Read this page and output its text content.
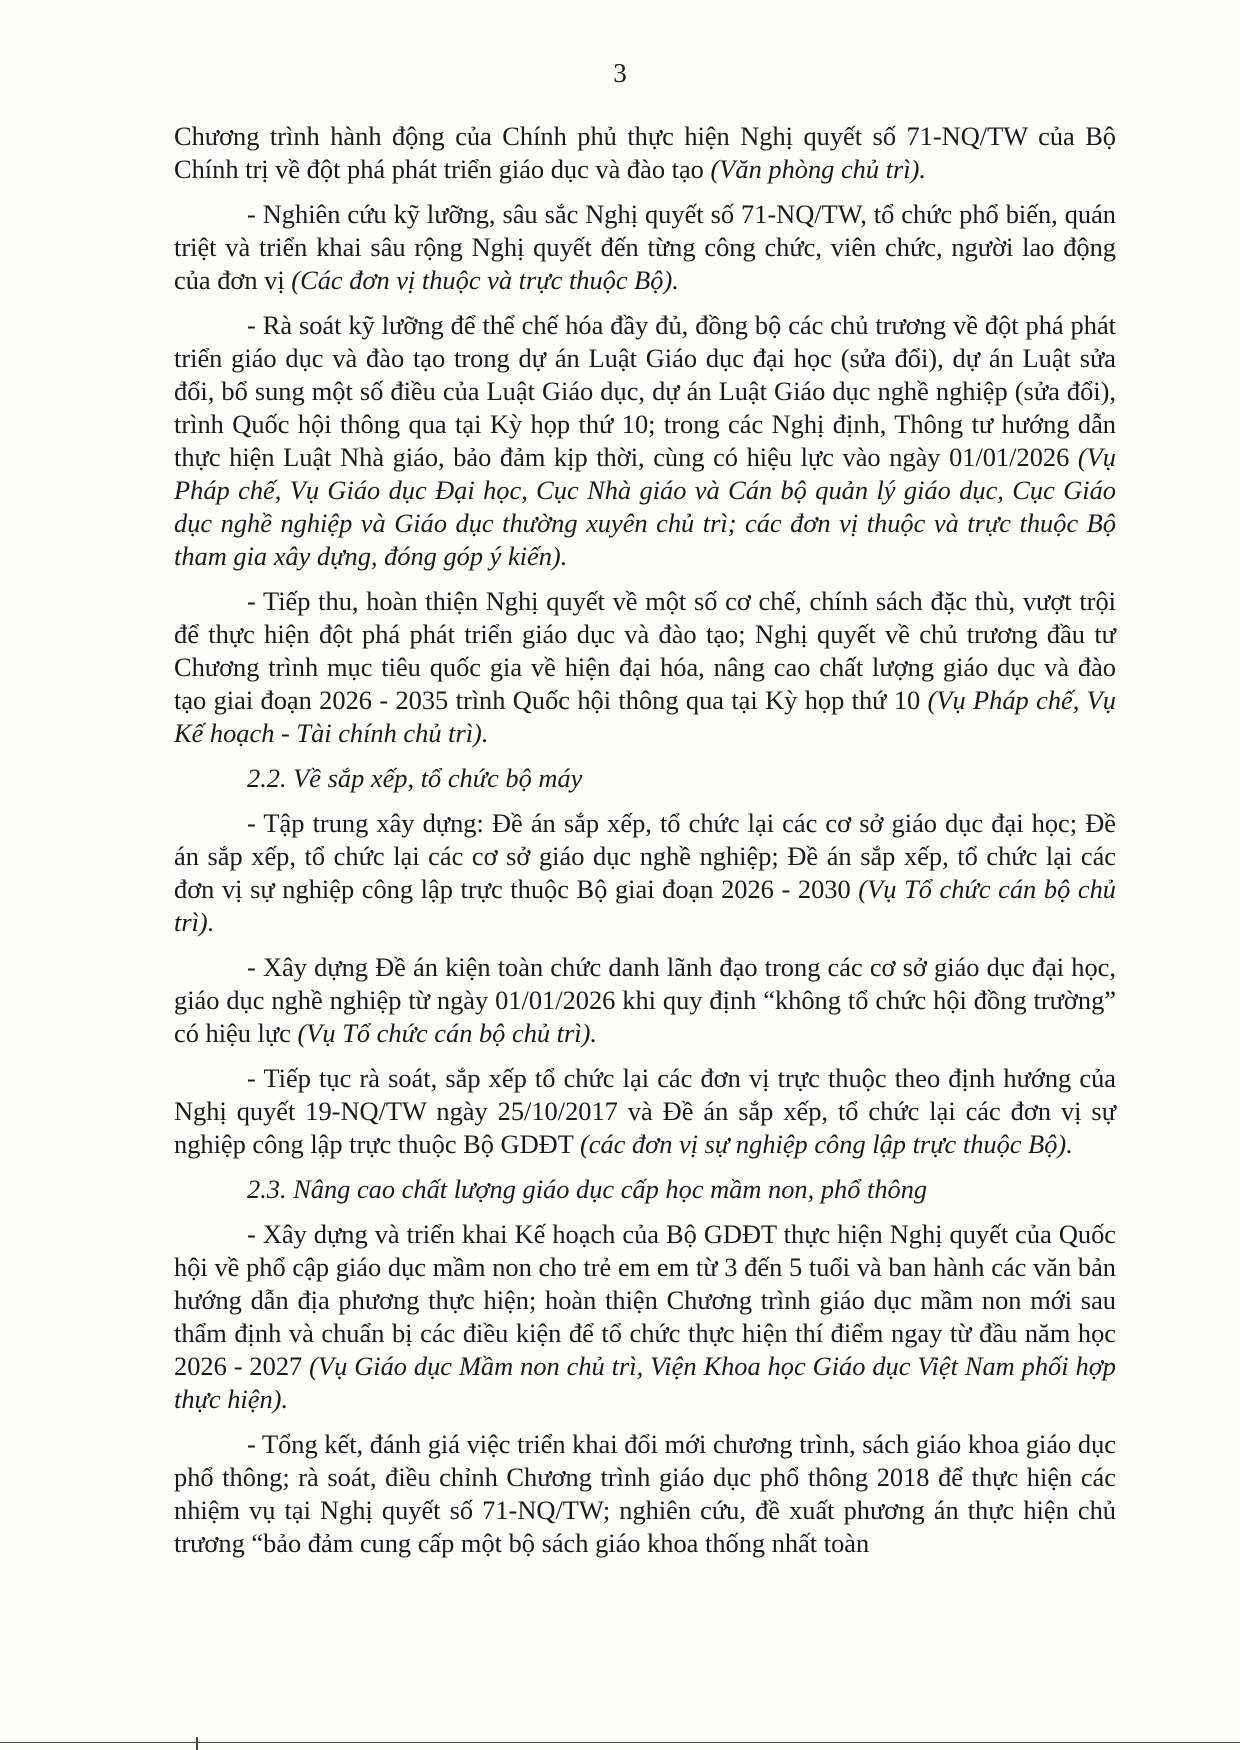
3

Chương trình hành động của Chính phủ thực hiện Nghị quyết số 71-NQ/TW của Bộ Chính trị về đột phá phát triển giáo dục và đào tạo (Văn phòng chủ trì).

- Nghiên cứu kỹ lưỡng, sâu sắc Nghị quyết số 71-NQ/TW, tổ chức phổ biến, quán triệt và triển khai sâu rộng Nghị quyết đến từng công chức, viên chức, người lao động của đơn vị (Các đơn vị thuộc và trực thuộc Bộ).

- Rà soát kỹ lưỡng để thể chế hóa đầy đủ, đồng bộ các chủ trương về đột phá phát triển giáo dục và đào tạo trong dự án Luật Giáo dục đại học (sửa đổi), dự án Luật sửa đổi, bổ sung một số điều của Luật Giáo dục, dự án Luật Giáo dục nghề nghiệp (sửa đổi), trình Quốc hội thông qua tại Kỳ họp thứ 10; trong các Nghị định, Thông tư hướng dẫn thực hiện Luật Nhà giáo, bảo đảm kịp thời, cùng có hiệu lực vào ngày 01/01/2026 (Vụ Pháp chế, Vụ Giáo dục Đại học, Cục Nhà giáo và Cán bộ quản lý giáo dục, Cục Giáo dục nghề nghiệp và Giáo dục thường xuyên chủ trì; các đơn vị thuộc và trực thuộc Bộ tham gia xây dựng, đóng góp ý kiến).

- Tiếp thu, hoàn thiện Nghị quyết về một số cơ chế, chính sách đặc thù, vượt trội để thực hiện đột phá phát triển giáo dục và đào tạo; Nghị quyết về chủ trương đầu tư Chương trình mục tiêu quốc gia về hiện đại hóa, nâng cao chất lượng giáo dục và đào tạo giai đoạn 2026 - 2035 trình Quốc hội thông qua tại Kỳ họp thứ 10 (Vụ Pháp chế, Vụ Kế hoạch - Tài chính chủ trì).

2.2. Về sắp xếp, tổ chức bộ máy

- Tập trung xây dựng: Đề án sắp xếp, tổ chức lại các cơ sở giáo dục đại học; Đề án sắp xếp, tổ chức lại các cơ sở giáo dục nghề nghiệp; Đề án sắp xếp, tổ chức lại các đơn vị sự nghiệp công lập trực thuộc Bộ giai đoạn 2026 - 2030 (Vụ Tổ chức cán bộ chủ trì).

- Xây dựng Đề án kiện toàn chức danh lãnh đạo trong các cơ sở giáo dục đại học, giáo dục nghề nghiệp từ ngày 01/01/2026 khi quy định “không tổ chức hội đồng trường” có hiệu lực (Vụ Tổ chức cán bộ chủ trì).

- Tiếp tục rà soát, sắp xếp tổ chức lại các đơn vị trực thuộc theo định hướng của Nghị quyết 19-NQ/TW ngày 25/10/2017 và Đề án sắp xếp, tổ chức lại các đơn vị sự nghiệp công lập trực thuộc Bộ GDĐT (các đơn vị sự nghiệp công lập trực thuộc Bộ).

2.3. Nâng cao chất lượng giáo dục cấp học mầm non, phổ thông

- Xây dựng và triển khai Kế hoạch của Bộ GDĐT thực hiện Nghị quyết của Quốc hội về phổ cập giáo dục mầm non cho trẻ em em từ 3 đến 5 tuổi và ban hành các văn bản hướng dẫn địa phương thực hiện; hoàn thiện Chương trình giáo dục mầm non mới sau thẩm định và chuẩn bị các điều kiện để tổ chức thực hiện thí điểm ngay từ đầu năm học 2026 - 2027 (Vụ Giáo dục Mầm non chủ trì, Viện Khoa học Giáo dục Việt Nam phối hợp thực hiện).

- Tổng kết, đánh giá việc triển khai đổi mới chương trình, sách giáo khoa giáo dục phổ thông; rà soát, điều chỉnh Chương trình giáo dục phổ thông 2018 để thực hiện các nhiệm vụ tại Nghị quyết số 71-NQ/TW; nghiên cứu, đề xuất phương án thực hiện chủ trương “bảo đảm cung cấp một bộ sách giáo khoa thống nhất toàn
